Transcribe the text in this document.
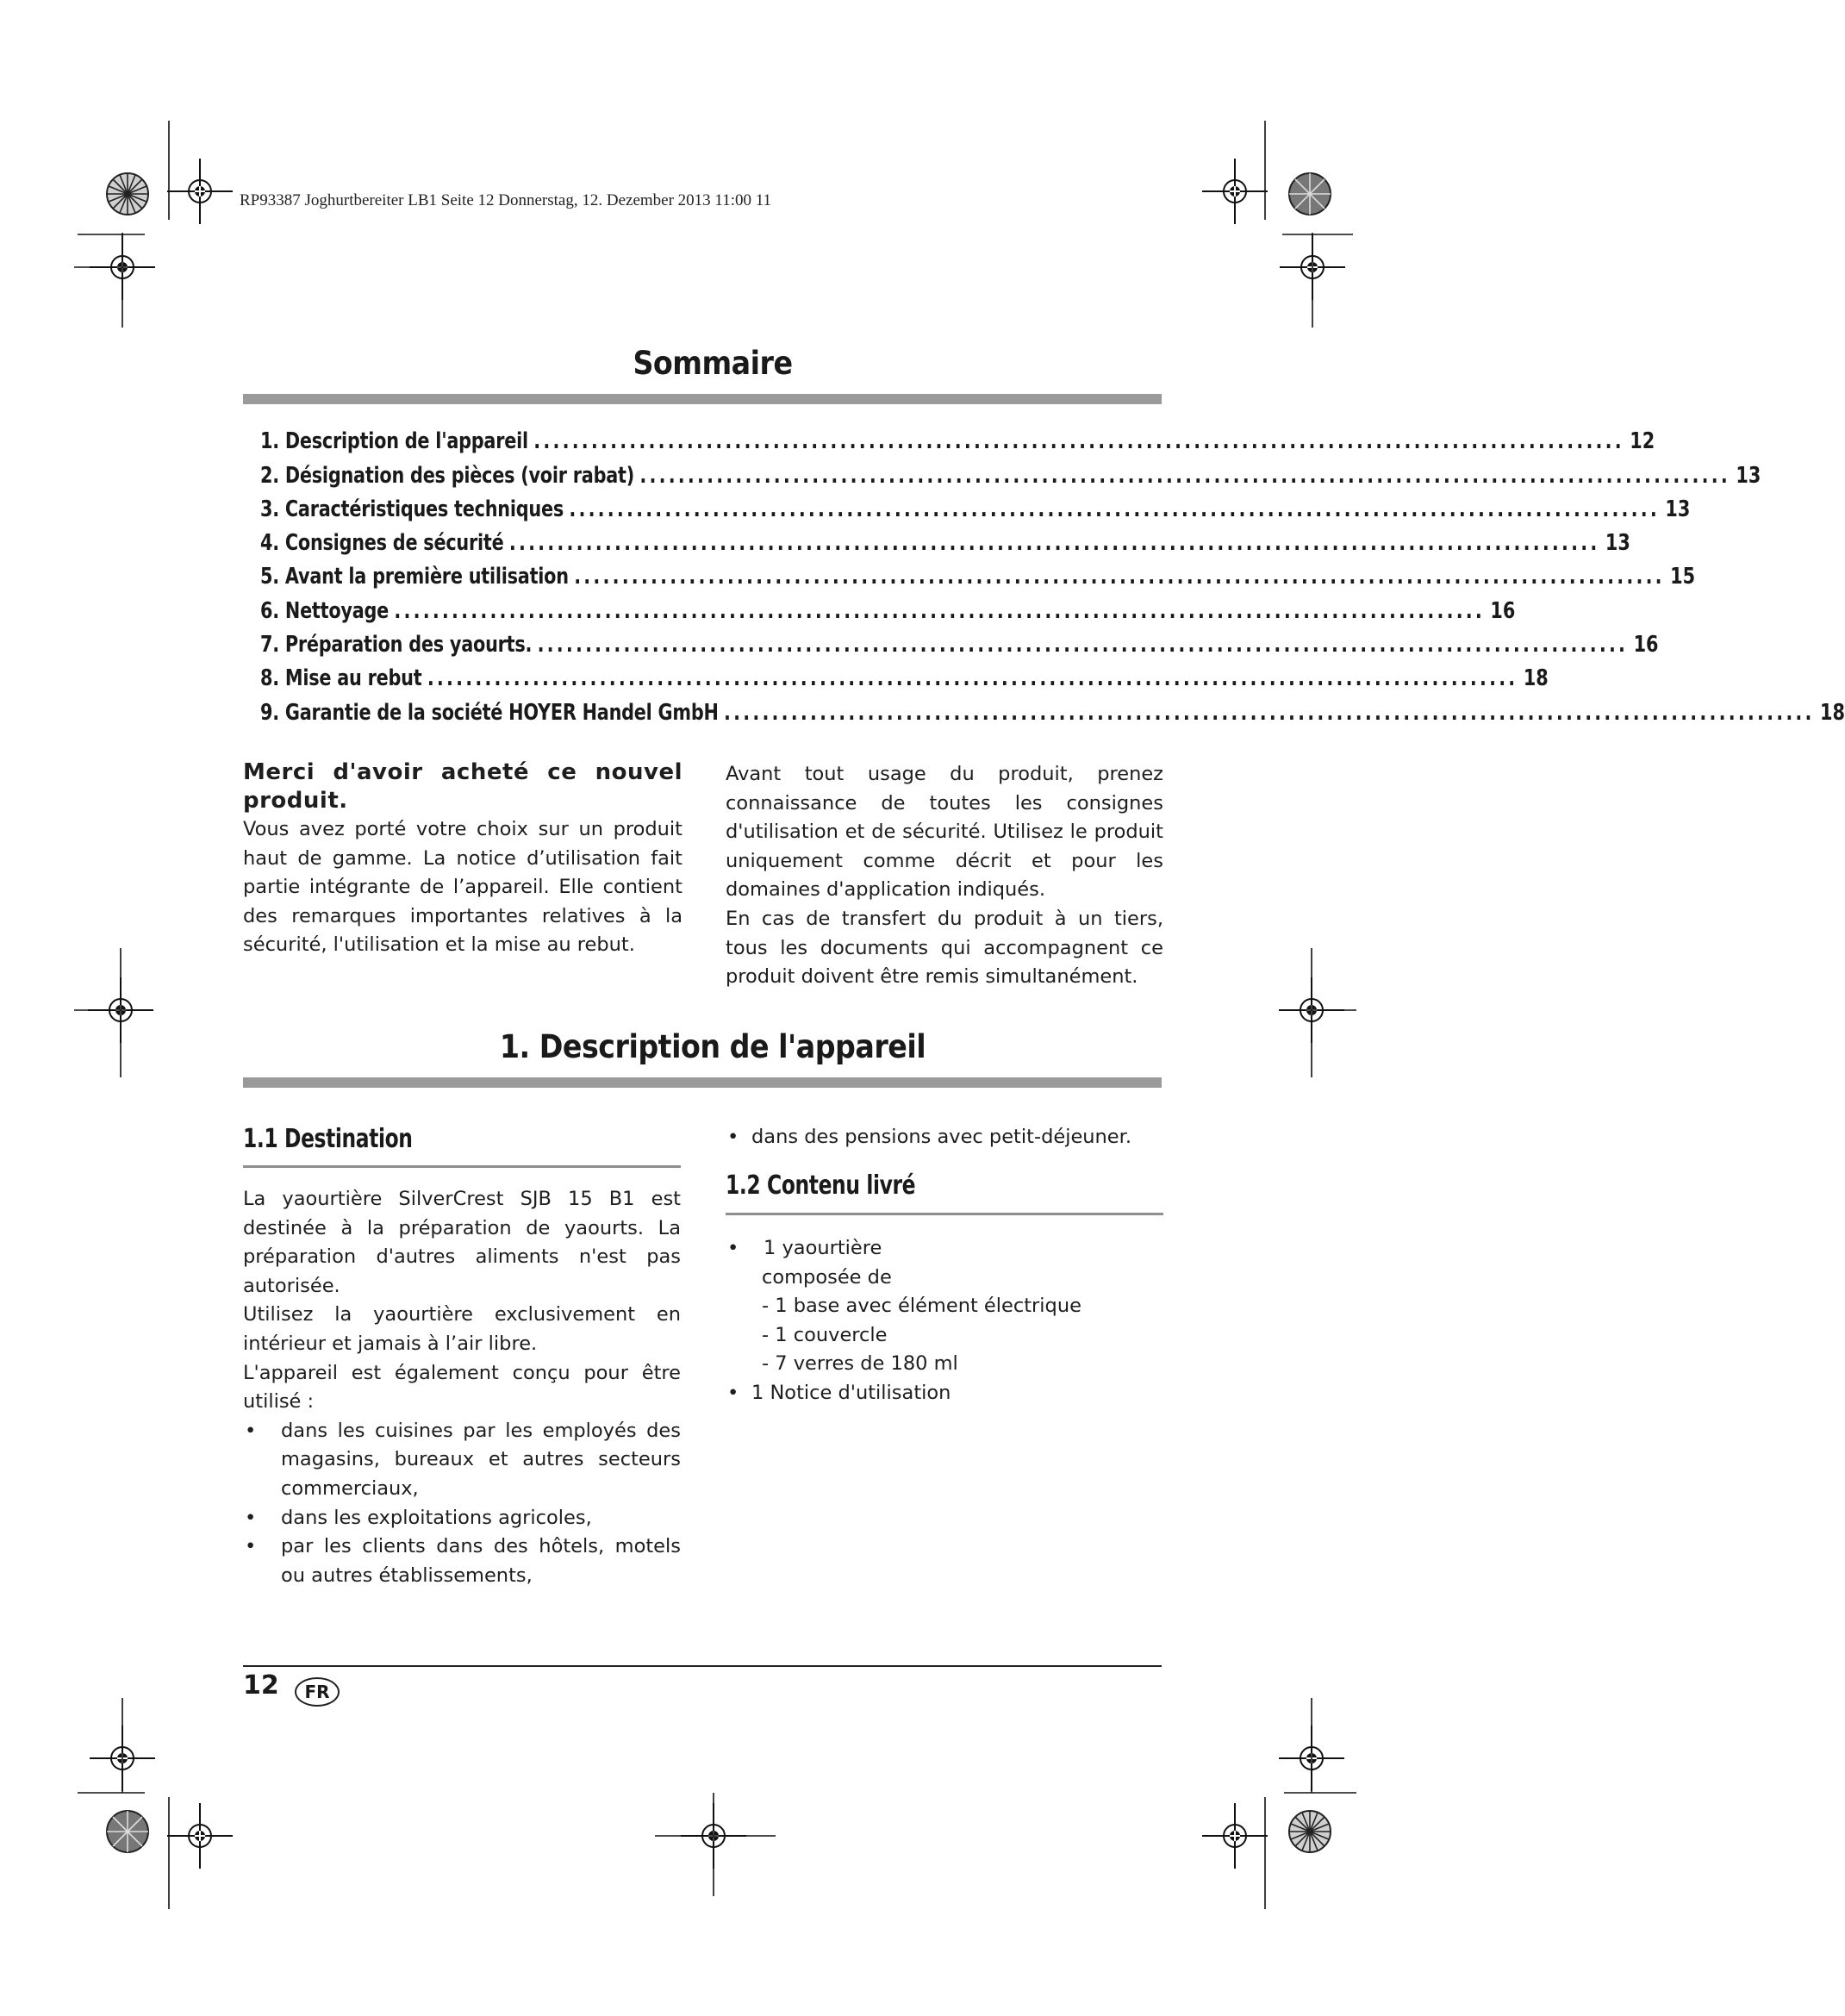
RP93387 Joghurtbereiter LB1 Seite 12 Donnerstag, 12. Dezember 2013 11:00 11
Sommaire
1. Description de l'appareil .................................................................................................................. 12
2. Désignation des pièces (voir rabat) .................................................................................................................. 13
3. Caractéristiques techniques .................................................................................................................. 13
4. Consignes de sécurité .................................................................................................................. 13
5. Avant la première utilisation .................................................................................................................. 15
6. Nettoyage .................................................................................................................. 16
7. Préparation des yaourts. .................................................................................................................. 16
8. Mise au rebut .................................................................................................................. 18
9. Garantie de la société HOYER Handel GmbH .................................................................................................................. 18

Merci d'avoir acheté ce nouvel produit.

Vous avez porté votre choix sur un produit haut de gamme. La notice d’utilisation fait partie intégrante de l’appareil. Elle contient des remarques importantes relatives à la sécurité, l'utilisation et la mise au rebut.

Avant tout usage du produit, prenez connaissance de toutes les consignes d'utilisation et de sécurité. Utilisez le produit uniquement comme décrit et pour les domaines d'application indiqués.

En cas de transfert du produit à un tiers, tous les documents qui accompagnent ce produit doivent être remis simultanément.

1. Description de l'appareil
1.1 Destination

La yaourtière SilverCrest SJB 15 B1 est destinée à la préparation de yaourts. La préparation d'autres aliments n'est pas autorisée.

Utilisez la yaourtière exclusivement en intérieur et jamais à l’air libre.

L'appareil est également conçu pour être utilisé :

• dans les cuisines par les employés des magasins, bureaux et autres secteurs commerciaux,
• dans les exploitations agricoles,
• par les clients dans des hôtels, motels ou autres établissements,
• dans des pensions avec petit-déjeuner.
1.2 Contenu livré
• 1 yaourtière
composée de
- 1 base avec élément électrique
- 1 couvercle
- 7 verres de 180 ml
• 1 Notice d'utilisation
12 FR
